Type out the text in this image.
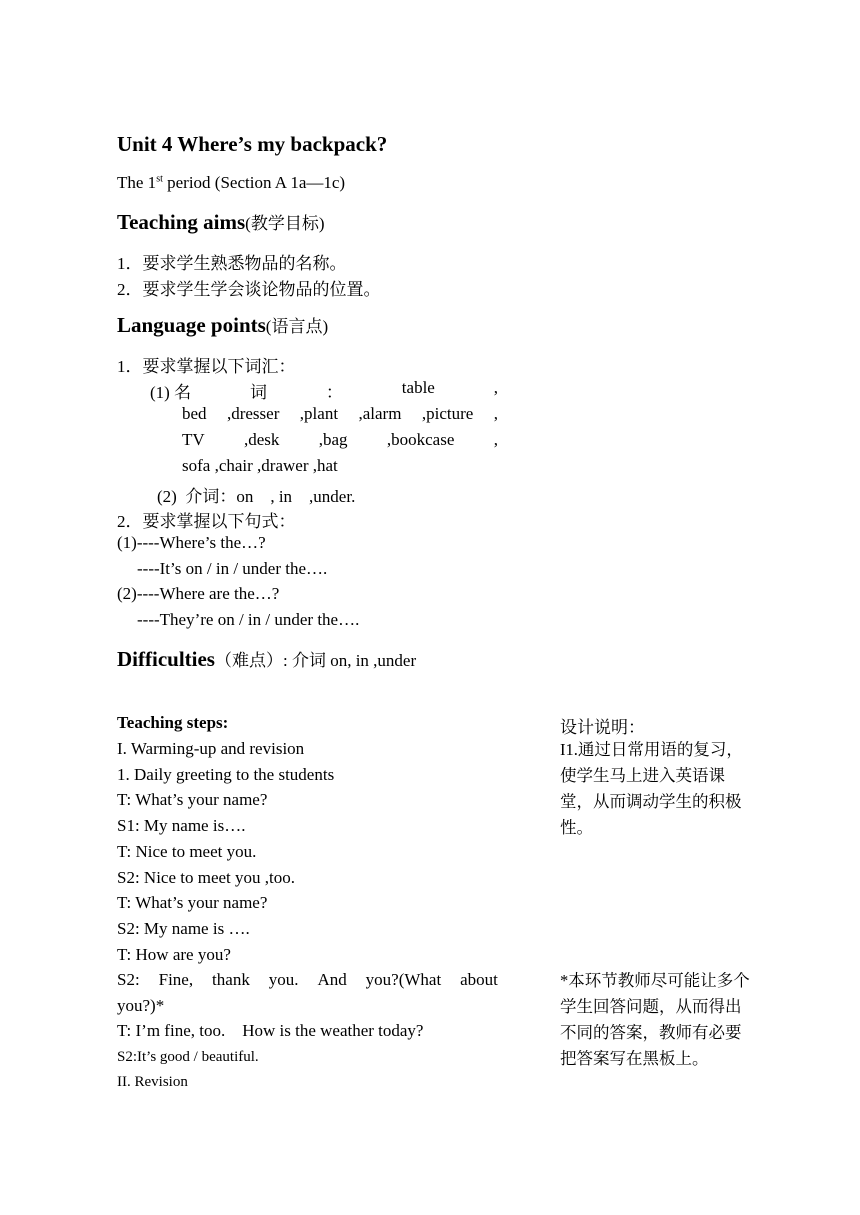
Unit 4 Where’s my backpack?
The 1st period (Section A 1a—1c)
Teaching aims(教学目标)
1．要求学生熟悉物品的名称。
2．要求学生学会谈论物品的位置。
Language points(语言点)
1．要求掌握以下词汇：
(1) 名	词	：	table	,
bed ,dresser ,plant ,alarm ,picture ,
TV ,desk ,bag ,bookcase ,
sofa ,chair ,drawer ,hat
(2)  介词：on    , in    ,under.
2．要求掌握以下句式：
(1)----Where’s the…?
----It’s on / in / under the….
(2)----Where are the…?
----They’re on / in / under the….
Difficulties（难点）: 介词 on, in ,under
Teaching steps:
I. Warming-up and revision
1. Daily greeting to the students
T: What’s your name?
S1: My name is….
T: Nice to meet you.
S2: Nice to meet you ,too.
T: What’s your name?
S2: My name is ….
T: How are you?
S2: Fine, thank you. And you?(What about
you?)*
T: I’m fine, too.    How is the weather today?
S2:It’s good / beautiful.
II. Revision
设计说明：
I1.通过日常用语的复习，使学生马上进入英语课堂，从而调动学生的积极性。
*本环节教师尽可能让多个学生回答问题，从而得出不同的答案，教师有必要把答案写在黑板上。
